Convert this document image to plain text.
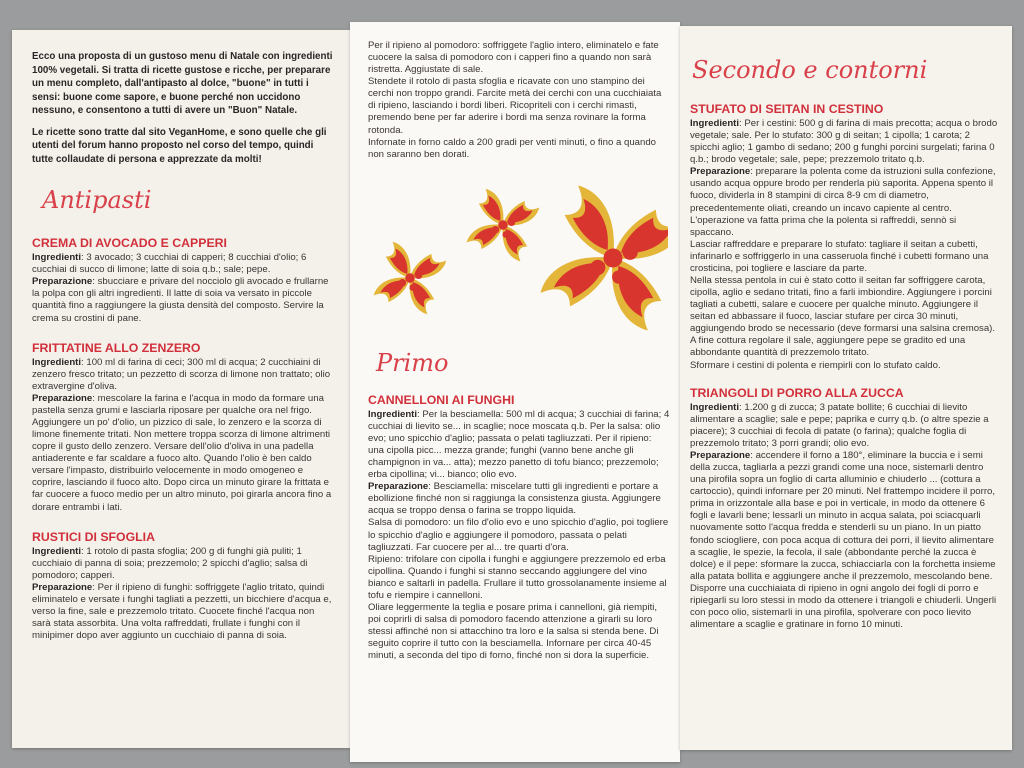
Ecco una proposta di un gustoso menu di Natale con ingredienti 100% vegetali. Si tratta di ricette gustose e ricche, per preparare un menu completo, dall'antipasto al dolce, "buone" in tutti i sensi: buone come sapore, e buone perché non uccidono nessuno, e consentono a tutti di avere un "Buon" Natale.

Le ricette sono tratte dal sito VeganHome, e sono quelle che gli utenti del forum hanno proposto nel corso del tempo, quindi tutte collaudate di persona e apprezzate da molti!

Antipasti
CREMA DI AVOCADO E CAPPERI

Ingredienti: 3 avocado; 3 cucchiai di capperi; 8 cucchiai d'olio; 6 cucchiai di succo di limone; latte di soia q.b.; sale; pepe.

Preparazione: sbucciare e privare del nocciolo gli avocado e frullarne la polpa con gli altri ingredienti. Il latte di soia va versato in piccole quantità fino a raggiungere la giusta densità del composto. Servire la crema su crostini di pane.

FRITTATINE ALLO ZENZERO

Ingredienti: 100 ml di farina di ceci; 300 ml di acqua; 2 cucchiaini di zenzero fresco tritato; un pezzetto di scorza di limone non trattato; olio extravergine d'oliva.

Preparazione: mescolare la farina e l'acqua in modo da formare una pastella senza grumi e lasciarla riposare per qualche ora nel frigo. Aggiungere un po' d'olio, un pizzico di sale, lo zenzero e la scorza di limone finemente tritati. Non mettere troppa scorza di limone altrimenti copre il gusto dello zenzero. Versare dell'olio d'oliva in una padella antiaderente e far scaldare a fuoco alto. Quando l'olio è ben caldo versare l'impasto, distribuirlo velocemente in modo omogeneo e coprire, lasciando il fuoco alto. Dopo circa un minuto girare la frittata e far cuocere a fuoco medio per un altro minuto, poi girarla ancora fino a dorare entrambi i lati.

RUSTICI DI SFOGLIA

Ingredienti: 1 rotolo di pasta sfoglia; 200 g di funghi già puliti; 1 cucchiaio di panna di soia; prezzemolo; 2 spicchi d'aglio; salsa di pomodoro; capperi.

Preparazione: Per il ripieno di funghi: soffriggete l'aglio tritato, quindi eliminatelo e versate i funghi tagliati a pezzetti, un bicchiere d'acqua e, verso la fine, sale e prezzemolo tritato. Cuocete finché l'acqua non sarà stata assorbita. Una volta raffreddati, frullate i funghi con il minipimer dopo aver aggiunto un cucchiaio di panna di soia.

Per il ripieno al pomodoro: soffriggete l'aglio intero, eliminatelo e fate cuocere la salsa di pomodoro con i capperi fino a quando non sarà ristretta. Aggiustate di sale.

Stendete il rotolo di pasta sfoglia e ricavate con uno stampino dei cerchi non troppo grandi. Farcite metà dei cerchi con una cucchiaiata di ripieno, lasciando i bordi liberi. Ricopriteli con i cerchi rimasti, premendo bene per far aderire i bordi ma senza rovinare la forma rotonda.

Infornate in forno caldo a 200 gradi per venti minuti, o fino a quando non saranno ben dorati.

Primo
CANNELLONI AI FUNGHI

Ingredienti: Per la besciamella: 500 ml di acqua; 3 cucchiai di farina; 4 cucchiai di lievito se... in scaglie; noce moscata q.b. Per la salsa: olio evo; uno spicchio d'aglio; passata o pelati tagliuzzati. Per il ripieno: una cipolla picc... mezza grande; funghi (vanno bene anche gli champignon in va... atta); mezzo panetto di tofu bianco; prezzemolo; erba cipollina; vi... bianco; olio evo.

Preparazione: Besciamella: miscelare tutti gli ingredienti e portare a ebollizione finché non si raggiunga la consistenza giusta. Aggiungere acqua se troppo densa o farina se troppo liquida.

Salsa di pomodoro: un filo d'olio evo e uno spicchio d'aglio, poi togliere lo spicchio d'aglio e aggiungere il pomodoro, passata o pelati tagliuzzati. Far cuocere per al... tre quarti d'ora.

Ripieno: trifolare con cipolla i funghi e aggiungere prezzemolo ed erba cipollina. Quando i funghi si stanno seccando aggiungere del vino bianco e saltarli in padella. Frullare il tutto grossolanamente insieme al tofu e riempire i cannelloni.

Oliare leggermente la teglia e posare prima i cannelloni, già riempiti, poi coprirli di salsa di pomodoro facendo attenzione a girarli su loro stessi affinché non si attacchino tra loro e la salsa si stenda bene. Di seguito coprire il tutto con la besciamella. Infornare per circa 40-45 minuti, a seconda del tipo di forno, finché non si dora la superficie.

Secondo e contorni
STUFATO DI SEITAN IN CESTINO

Ingredienti: Per i cestini: 500 g di farina di mais precotta; acqua o brodo vegetale; sale. Per lo stufato: 300 g di seitan; 1 cipolla; 1 carota; 2 spicchi aglio; 1 gambo di sedano; 200 g funghi porcini surgelati; farina 0 q.b.; brodo vegetale; sale, pepe; prezzemolo tritato q.b.

Preparazione: preparare la polenta come da istruzioni sulla confezione, usando acqua oppure brodo per renderla più saporita. Appena spento il fuoco, dividerla in 8 stampini di circa 8-9 cm di diametro, precedentemente oliati, creando un incavo capiente al centro. L'operazione va fatta prima che la polenta si raffreddi, sennò si spaccano.

Lasciar raffreddare e preparare lo stufato: tagliare il seitan a cubetti, infarinarlo e soffriggerlo in una casseruola finché i cubetti formano una crosticina, poi togliere e lasciare da parte.

Nella stessa pentola in cui è stato cotto il seitan far soffriggere carota, cipolla, aglio e sedano tritati, fino a farli imbiondire. Aggiungere i porcini tagliati a cubetti, salare e cuocere per qualche minuto. Aggiungere il seitan ed abbassare il fuoco, lasciar stufare per circa 30 minuti, aggiungendo brodo se necessario (deve formarsi una salsina cremosa). A fine cottura regolare il sale, aggiungere pepe se gradito ed una abbondante quantità di prezzemolo tritato.

Sformare i cestini di polenta e riempirli con lo stufato caldo.

TRIANGOLI DI PORRO ALLA ZUCCA

Ingredienti: 1.200 g di zucca; 3 patate bollite; 6 cucchiai di lievito alimentare a scaglie; sale e pepe; paprika e curry q.b. (o altre spezie a piacere); 3 cucchiai di fecola di patate (o farina); qualche foglia di prezzemolo tritato; 3 porri grandi; olio evo.

Preparazione: accendere il forno a 180°, eliminare la buccia e i semi della zucca, tagliarla a pezzi grandi come una noce, sistemarli dentro una pirofila sopra un foglio di carta alluminio e chiuderlo ... (cottura a cartoccio), quindi infornare per 20 minuti. Nel frattempo incidere il porro, prima in orizzontale alla base e poi in verticale, in modo da ottenere 6 fogli e lavarli bene; lessarli un minuto in acqua salata, poi sciacquarli nuovamente sotto l'acqua fredda e stenderli su un piano. In un piatto fondo sciogliere, con poca acqua di cottura dei porri, il lievito alimentare a scaglie, le spezie, la fecola, il sale (abbondante perché la zucca è dolce) e il pepe: sformare la zucca, schiacciarla con la forchetta insieme alla patata bollita e aggiungere anche il prezzemolo, mescolando bene. Disporre una cucchiaiata di ripieno in ogni angolo dei fogli di porro e ripiegarli su loro stessi in modo da ottenere i triangoli e chiuderli. Ungerli con poco olio, sistemarli in una pirofila, spolverare con poco lievito alimentare a scaglie e gratinare in forno 10 minuti.
